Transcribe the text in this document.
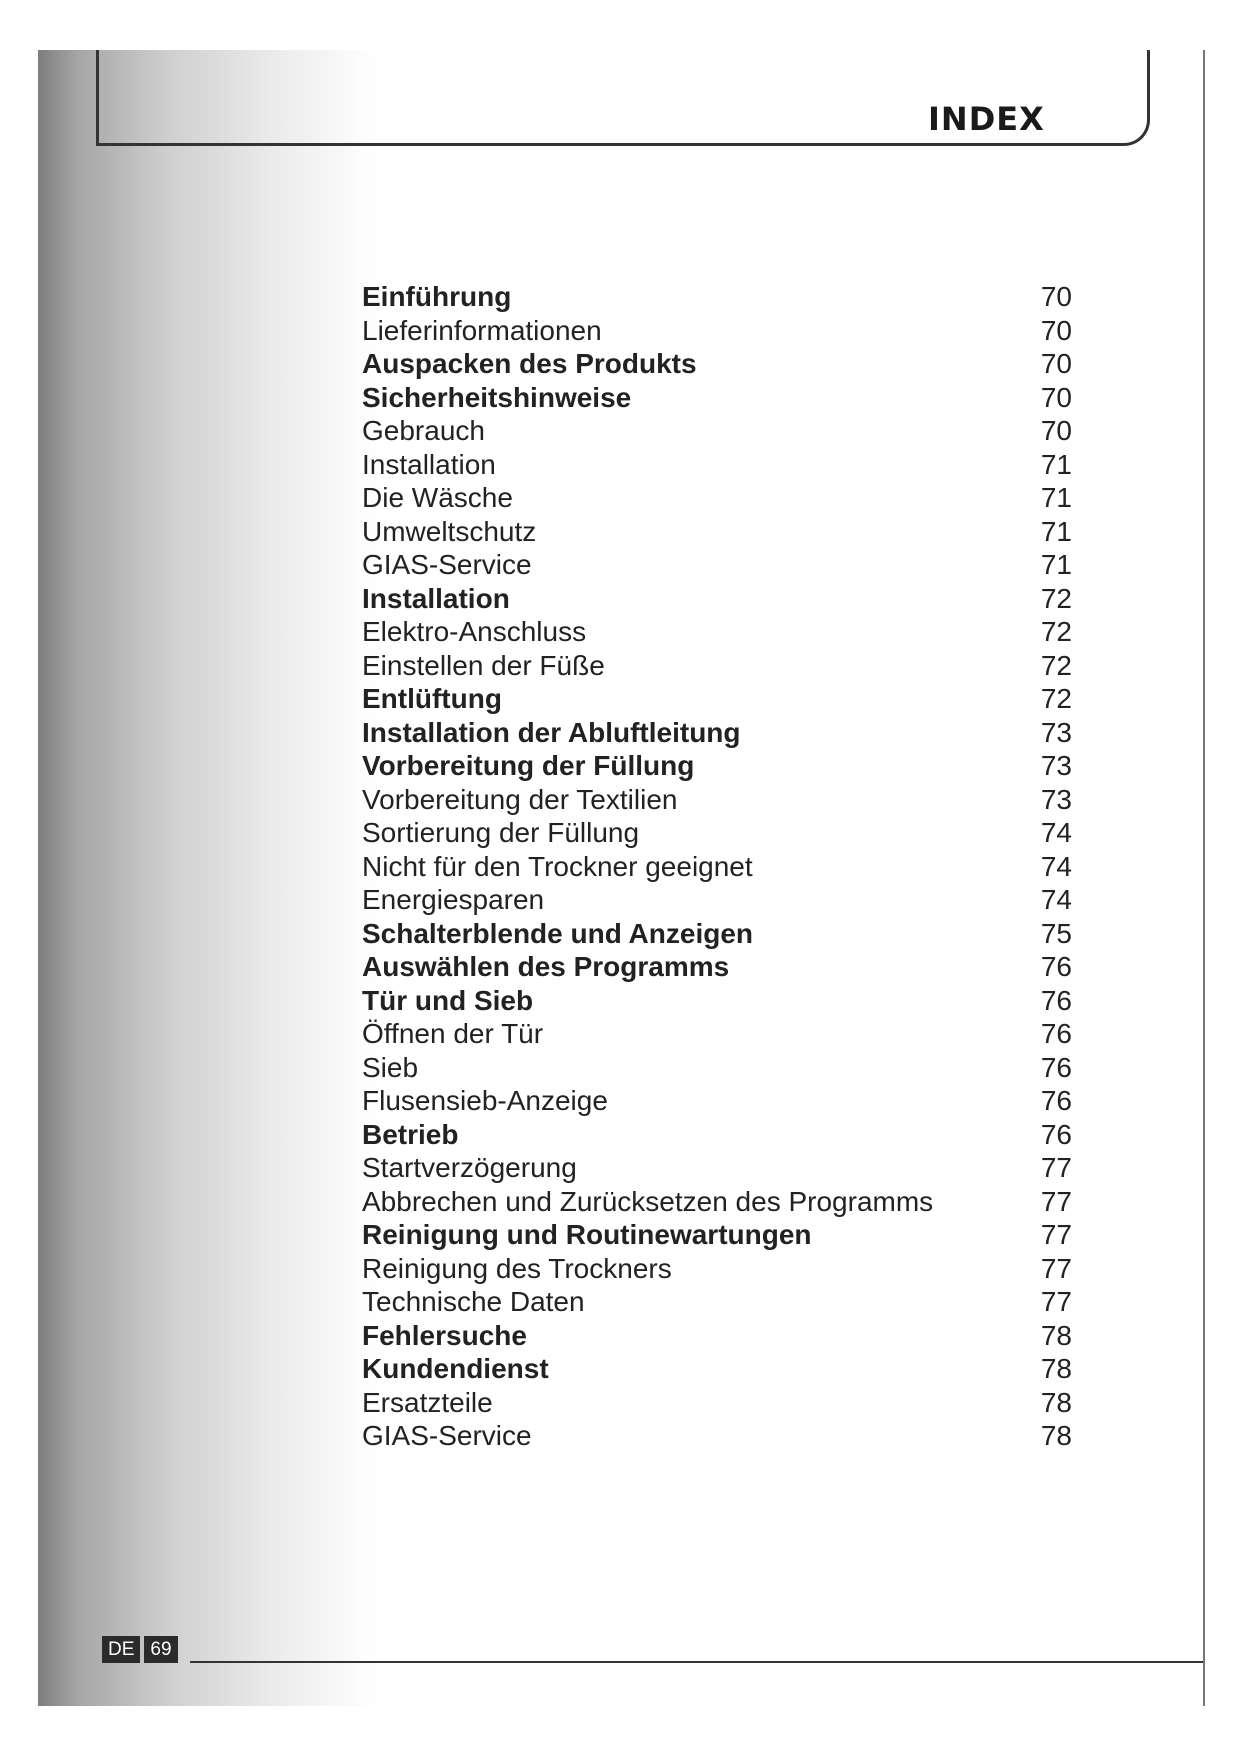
INDEX
Einführung	70
Lieferinformationen	70
Auspacken des Produkts	70
Sicherheitshinweise	70
Gebrauch	70
Installation	71
Die Wäsche	71
Umweltschutz	71
GIAS-Service	71
Installation	72
Elektro-Anschluss	72
Einstellen der Füße	72
Entlüftung	72
Installation der Abluftleitung	73
Vorbereitung der Füllung	73
Vorbereitung der Textilien	73
Sortierung der Füllung	74
Nicht für den Trockner geeignet	74
Energiesparen	74
Schalterblende und Anzeigen	75
Auswählen des Programms	76
Tür und Sieb	76
Öffnen der Tür	76
Sieb	76
Flusensieb-Anzeige	76
Betrieb	76
Startverzögerung	77
Abbrechen und Zurücksetzen des Programms	77
Reinigung und Routinewartungen	77
Reinigung des Trockners	77
Technische Daten	77
Fehlersuche	78
Kundendienst	78
Ersatzteile	78
GIAS-Service	78
DE 69
